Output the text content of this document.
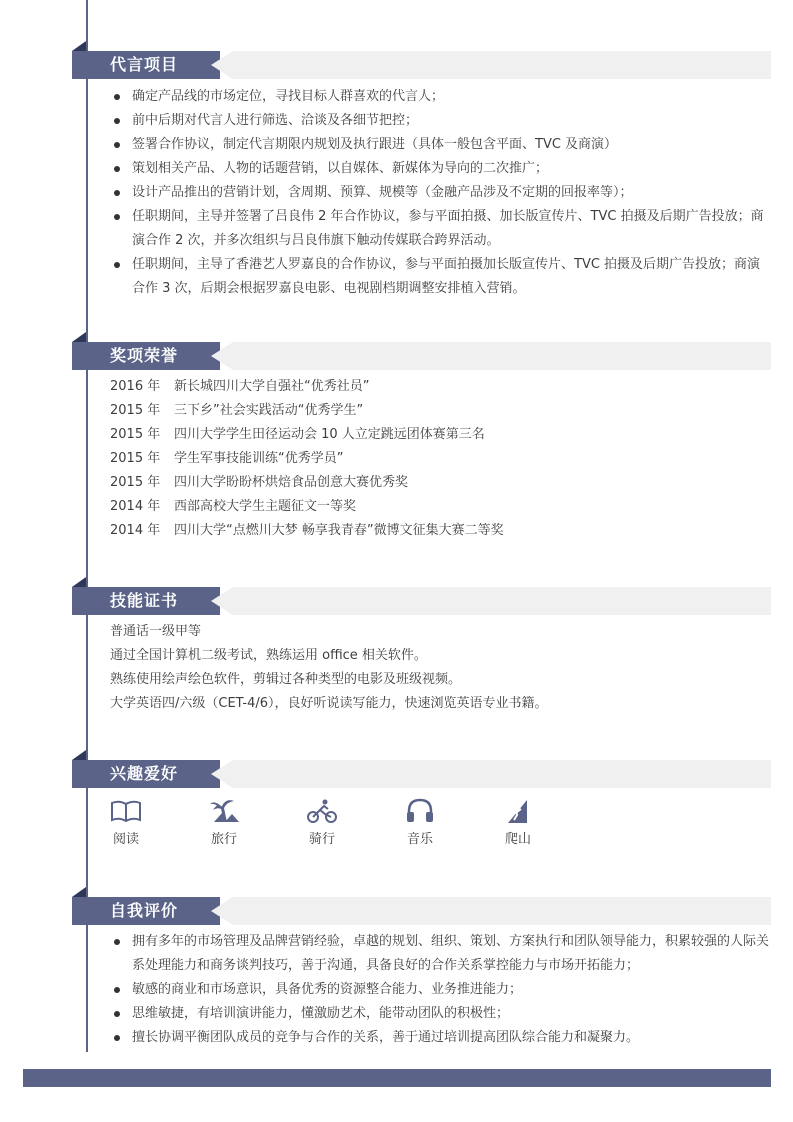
代言项目
确定产品线的市场定位，寻找目标人群喜欢的代言人；
前中后期对代言人进行筛选、洽谈及各细节把控；
签署合作协议，制定代言期限内规划及执行跟进（具体一般包含平面、TVC 及商演）
策划相关产品、人物的话题营销，以自媒体、新媒体为导向的二次推广；
设计产品推出的营销计划，含周期、预算、规模等（金融产品涉及不定期的回报率等）；
任职期间，主导并签署了吕良伟 2 年合作协议，参与平面拍摄、加长版宣传片、TVC 拍摄及后期广告投放；商演合作 2 次，并多次组织与吕良伟旗下触动传媒联合跨界活动。
任职期间，主导了香港艺人罗嘉良的合作协议，参与平面拍摄加长版宣传片、TVC 拍摄及后期广告投放；商演合作 3 次，后期会根据罗嘉良电影、电视剧档期调整安排植入营销。
奖项荣誉
2016 年 新长城四川大学自强社“优秀社员”
2015 年 三下乡”社会实践活动“优秀学生”
2015 年 四川大学学生田径运动会 10 人立定跳远团体赛第三名
2015 年 学生军事技能训练“优秀学员”
2015 年 四川大学盼盼杯烘焙食品创意大赛优秀奖
2014 年 西部高校大学生主题征文一等奖
2014 年 四川大学“点燃川大梦 畅享我青春”微博文征集大赛二等奖
技能证书
普通话一级甲等
通过全国计算机二级考试，熟练运用 office 相关软件。
熟练使用绘声绘色软件，剪辑过各种类型的电影及班级视频。
大学英语四/六级（CET-4/6），良好听说读写能力，快速浏览英语专业书籍。
兴趣爱好
阅读	旅行	骑行	音乐	爬山
自我评价
拥有多年的市场管理及品牌营销经验，卓越的规划、组织、策划、方案执行和团队领导能力，积累较强的人际关系处理能力和商务谈判技巧，善于沟通，具备良好的合作关系掌控能力与市场开拓能力；
敏感的商业和市场意识，具备优秀的资源整合能力、业务推进能力；
思维敏捷，有培训演讲能力，懂激励艺术，能带动团队的积极性；
擅长协调平衡团队成员的竞争与合作的关系，善于通过培训提高团队综合能力和凝聚力。
